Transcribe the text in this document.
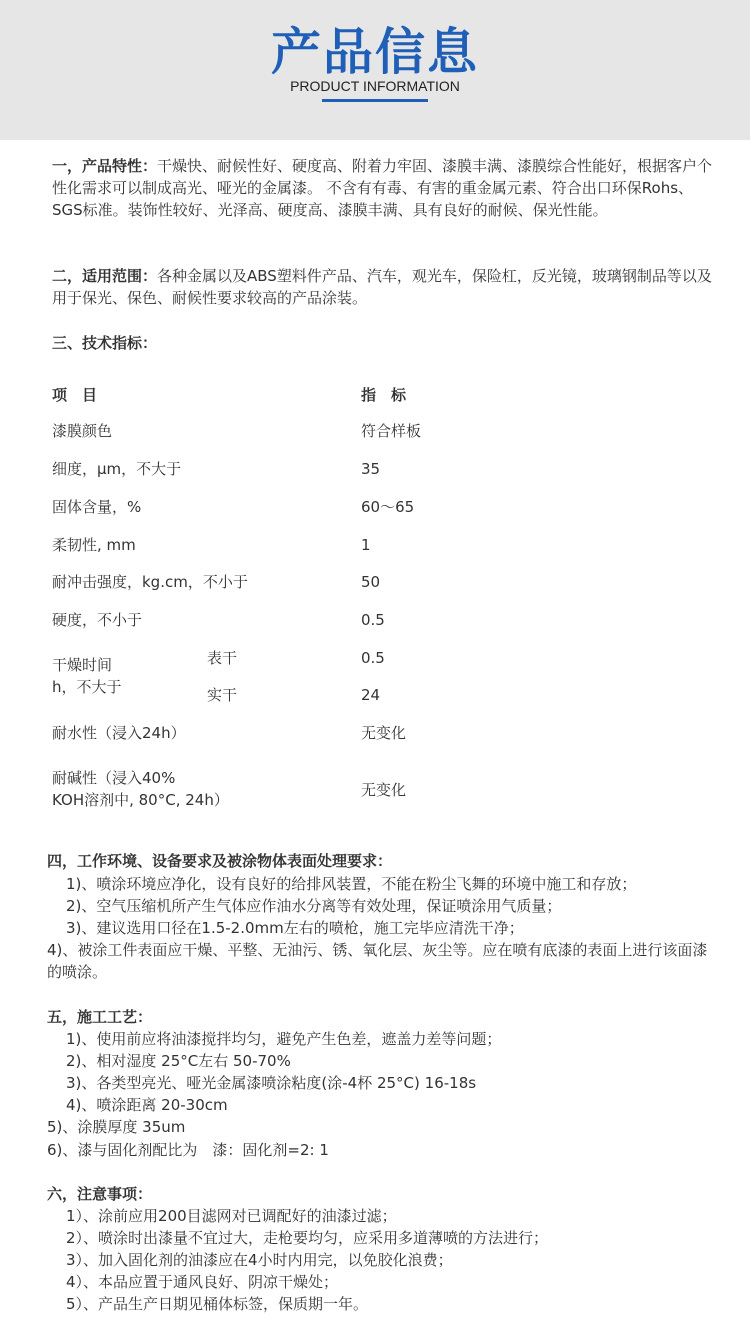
产品信息
PRODUCT INFORMATION
一，产品特性：干燥快、耐候性好、硬度高、附着力牢固、漆膜丰满、漆膜综合性能好，根据客户个性化需求可以制成高光、哑光的金属漆。 不含有有毒、有害的重金属元素、符合出口环保Rohs、SGS标准。装饰性较好、光泽高、硬度高、漆膜丰满、具有良好的耐候、保光性能。
二，适用范围：各种金属以及ABS塑料件产品、汽车，观光车，保险杠，反光镜，玻璃钢制品等以及用于保光、保色、耐候性要求较高的产品涂装。
三、技术指标：
项　目	指　标
漆膜颜色	符合样板
细度，μm，不大于	35
固体含量，%	60～65
柔韧性, mm	1
耐冲击强度，kg.cm，不小于	50
硬度，不小于	0.5
干燥时间
h，不大于
表干	0.5
实干	24
耐水性（浸入24h）	无变化
耐碱性（浸入40%
KOH溶剂中, 80°C, 24h）
无变化
四，工作环境、设备要求及被涂物体表面处理要求：
1)、喷涂环境应净化，设有良好的给排风装置，不能在粉尘飞舞的环境中施工和存放；
2)、空气压缩机所产生气体应作油水分离等有效处理，保证喷涂用气质量；
3)、建议选用口径在1.5-2.0mm左右的喷枪，施工完毕应清洗干净；
4)、被涂工件表面应干燥、平整、无油污、锈、氧化层、灰尘等。应在喷有底漆的表面上进行该面漆的喷涂。
五，施工工艺：
1)、使用前应将油漆搅拌均匀，避免产生色差，遮盖力差等问题；
2)、相对湿度 25°C左右 50-70%
3)、各类型亮光、哑光金属漆喷涂粘度(涂-4杯 25°C) 16-18s
4)、喷涂距离 20-30cm
5)、涂膜厚度 35um
6)、漆与固化剂配比为　漆：固化剂=2: 1
六，注意事项：
1）、涂前应用200目滤网对已调配好的油漆过滤；
2）、喷涂时出漆量不宜过大，走枪要均匀，应采用多道薄喷的方法进行；
3）、加入固化剂的油漆应在4小时内用完，以免胶化浪费；
4）、本品应置于通风良好、阴凉干燥处；
5）、产品生产日期见桶体标签，保质期一年。
